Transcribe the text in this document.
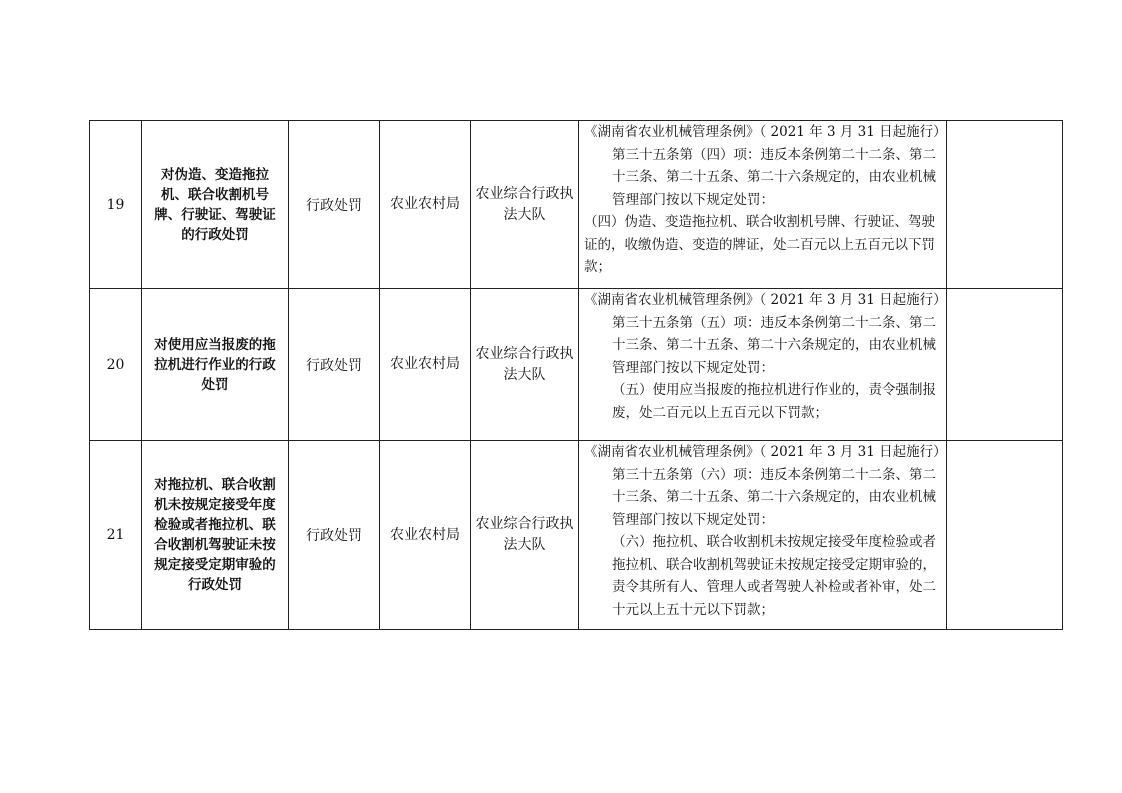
19	对伪造、变造拖拉机、联合收割机号牌、行驶证、驾驶证的行政处罚	行政处罚	农业农村局	农业综合行政执法大队	《湖南省农业机械管理条例》（ 2021 年 3 月 31 日起施行）
第三十五条第（四）项：违反本条例第二十二条、第二十三条、第二十五条、第二十六条规定的，由农业机械管理部门按以下规定处罚：
（四）伪造、变造拖拉机、联合收割机号牌、行驶证、驾驶证的，收缴伪造、变造的牌证，处二百元以上五百元以下罚款；	

20	对使用应当报废的拖拉机进行作业的行政处罚	行政处罚	农业农村局	农业综合行政执法大队	《湖南省农业机械管理条例》（ 2021 年 3 月 31 日起施行）
第三十五条第（五）项：违反本条例第二十二条、第二十三条、第二十五条、第二十六条规定的，由农业机械管理部门按以下规定处罚：
（五）使用应当报废的拖拉机进行作业的，责令强制报废，处二百元以上五百元以下罚款；	

21	对拖拉机、联合收割机未按规定接受年度检验或者拖拉机、联合收割机驾驶证未按规定接受定期审验的行政处罚	行政处罚	农业农村局	农业综合行政执法大队	《湖南省农业机械管理条例》（ 2021 年 3 月 31 日起施行）
第三十五条第（六）项：违反本条例第二十二条、第二十三条、第二十五条、第二十六条规定的，由农业机械管理部门按以下规定处罚：
（六）拖拉机、联合收割机未按规定接受年度检验或者拖拉机、联合收割机驾驶证未按规定接受定期审验的，责令其所有人、管理人或者驾驶人补检或者补审，处二十元以上五十元以下罚款；	
